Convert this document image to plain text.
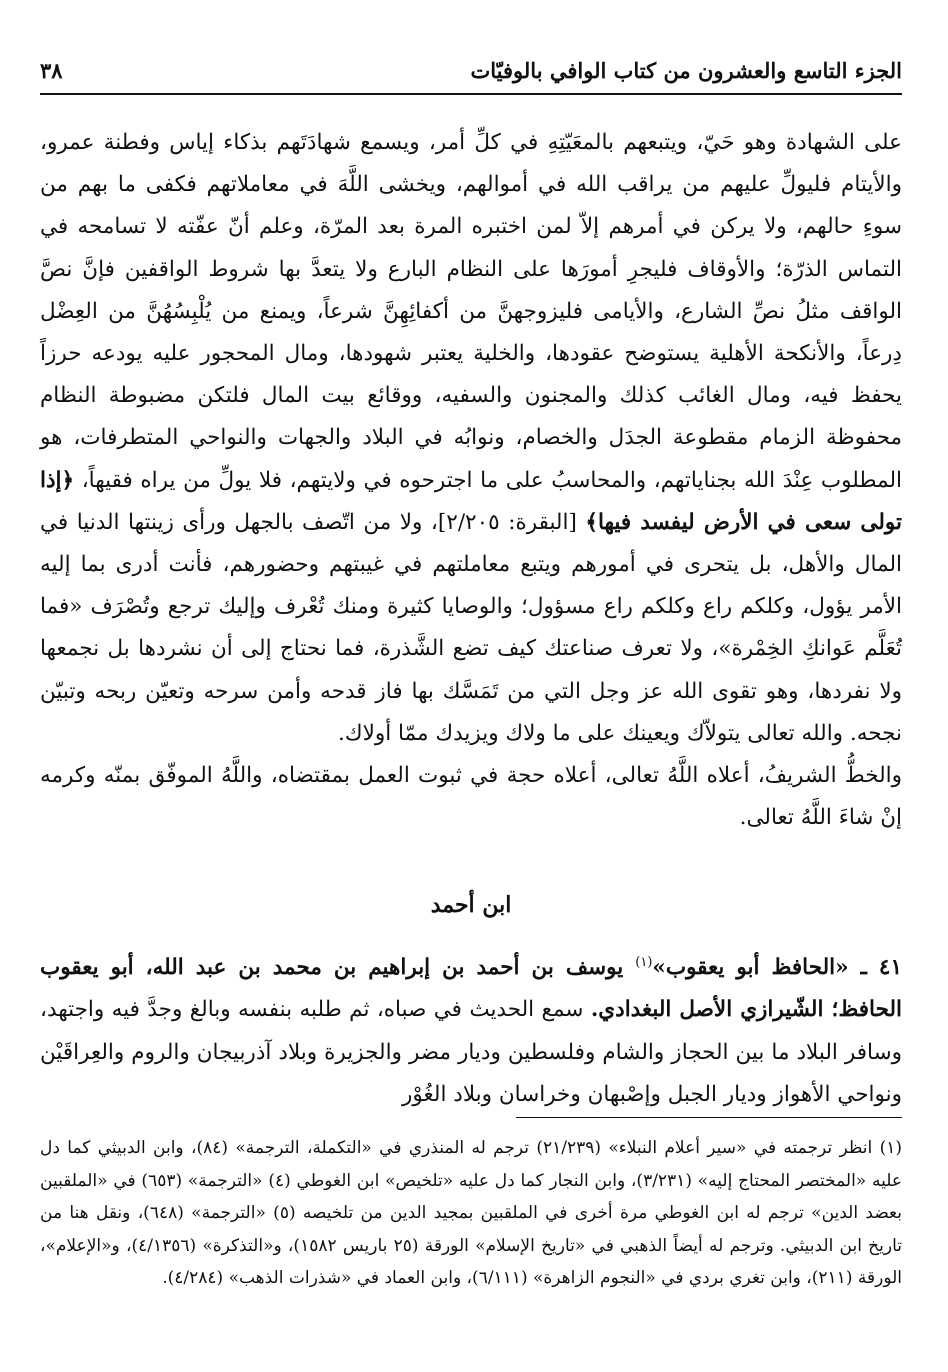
الجزء التاسع والعشرون من كتاب الوافي بالوفيّات
٣٨

على الشهادة وهو حَيّ، ويتبعهم بالمعَيّتِهِ في كلِّ أمر، ويسمع شهادَتَهم بذكاء إياس وفطنة عمرو، والأيتام فليولِّ عليهم من يراقب الله في أموالهم، ويخشى اللَّهَ في معاملاتهم فكفى ما بهم من سوءِ حالهم، ولا يركن في أمرهم إلاّ لمن اختبره المرة بعد المرّة، وعلم أنّ عفّته لا تسامحه في التماس الذرّة؛ والأوقاف فليجرِ أمورَها على النظام البارع ولا يتعدَّ بها شروط الواقفين فإنَّ نصَّ الواقف مثلُ نصِّ الشارع، والأيامى فليزوجهنَّ من أكفائِهِنَّ شرعاً، ويمنع من يُلْبِسُهُنَّ من العِضْل دِرعاً، والأنكحة الأهلية يستوضح عقودها، والخلية يعتبر شهودها، ومال المحجور عليه يودعه حرزاً يحفظ فيه، ومال الغائب كذلك والمجنون والسفيه، ووقائع بيت المال فلتكن مضبوطة النظام محفوظة الزمام مقطوعة الجدَل والخصام، ونوابُه في البلاد والجهات والنواحي المتطرفات، هو المطلوب عِنْدَ الله بجناياتهم، والمحاسبُ على ما اجترحوه في ولايتهم، فلا يولِّ من يراه فقيهاً، ﴿إذا تولى سعى في الأرض ليفسد فيها﴾ [البقرة: ٢/٢٠٥]، ولا من اتّصف بالجهل ورأى زينتها الدنيا في المال والأهل، بل يتحرى في أمورهم ويتبع معاملتهم في غيبتهم وحضورهم، فأنت أدرى بما إليه الأمر يؤول، وكلكم راع وكلكم راع مسؤول؛ والوصايا كثيرة ومنك تُعْرف وإليك ترجع وتُصْرَف «فما تُعَلَّم عَوانكِ الخِمْرة»، ولا تعرف صناعتك كيف تضع الشَّذرة، فما نحتاج إلى أن نشردها بل نجمعها ولا نفردها، وهو تقوى الله عز وجل التي من تَمَسَّك بها فاز قدحه وأمن سرحه وتعيّن ربحه وتبيّن نجحه. والله تعالى يتولاّك ويعينك على ما ولاك ويزيدك ممّا أولاك.

والخطُّ الشريفُ، أعلاه اللَّهُ تعالى، أعلاه حجة في ثبوت العمل بمقتضاه، واللَّهُ الموفّق بمنّه وكرمه إنْ شاءَ اللَّهُ تعالى.

ابن أحمد

٤١ ـ «الحافظ أبو يعقوب»$^{(١)}$ يوسف بن أحمد بن إبراهيم بن محمد بن عبد الله، أبو يعقوب الحافظ؛ الشّيرازي الأصل البغدادي. سمع الحديث في صباه، ثم طلبه بنفسه وبالغ وجدَّ فيه واجتهد، وسافر البلاد ما بين الحجاز والشام وفلسطين وديار مضر والجزيرة وبلاد آذربيجان والروم والعِراقَيْن ونواحي الأهواز وديار الجبل وإصْبهان وخراسان وبلاد الغُوْر

(١) انظر ترجمته في «سير أعلام النبلاء» (٢١/٢٣٩) ترجم له المنذري في «التكملة، الترجمة» (٨٤)، وابن الدبيثي كما دل عليه «المختصر المحتاج إليه» (٣/٢٣١)، وابن النجار كما دل عليه «تلخيص» ابن الغوطي (٤) «الترجمة» (٦٥٣) في «الملقبين بعضد الدين» ترجم له ابن الغوطي مرة أخرى في الملقبين بمجيد الدين من تلخيصه (٥) «الترجمة» (٦٤٨)، ونقل هنا من تاريخ ابن الدبيثي. وترجم له أيضاً الذهبي في «تاريخ الإسلام» الورقة (٢٥ باريس ١٥٨٢)، و«التذكرة» (٤/١٣٥٦)، و«الإعلام»، الورقة (٢١١)، وابن تغري بردي في «النجوم الزاهرة» (٦/١١١)، وابن العماد في «شذرات الذهب» (٤/٢٨٤).
